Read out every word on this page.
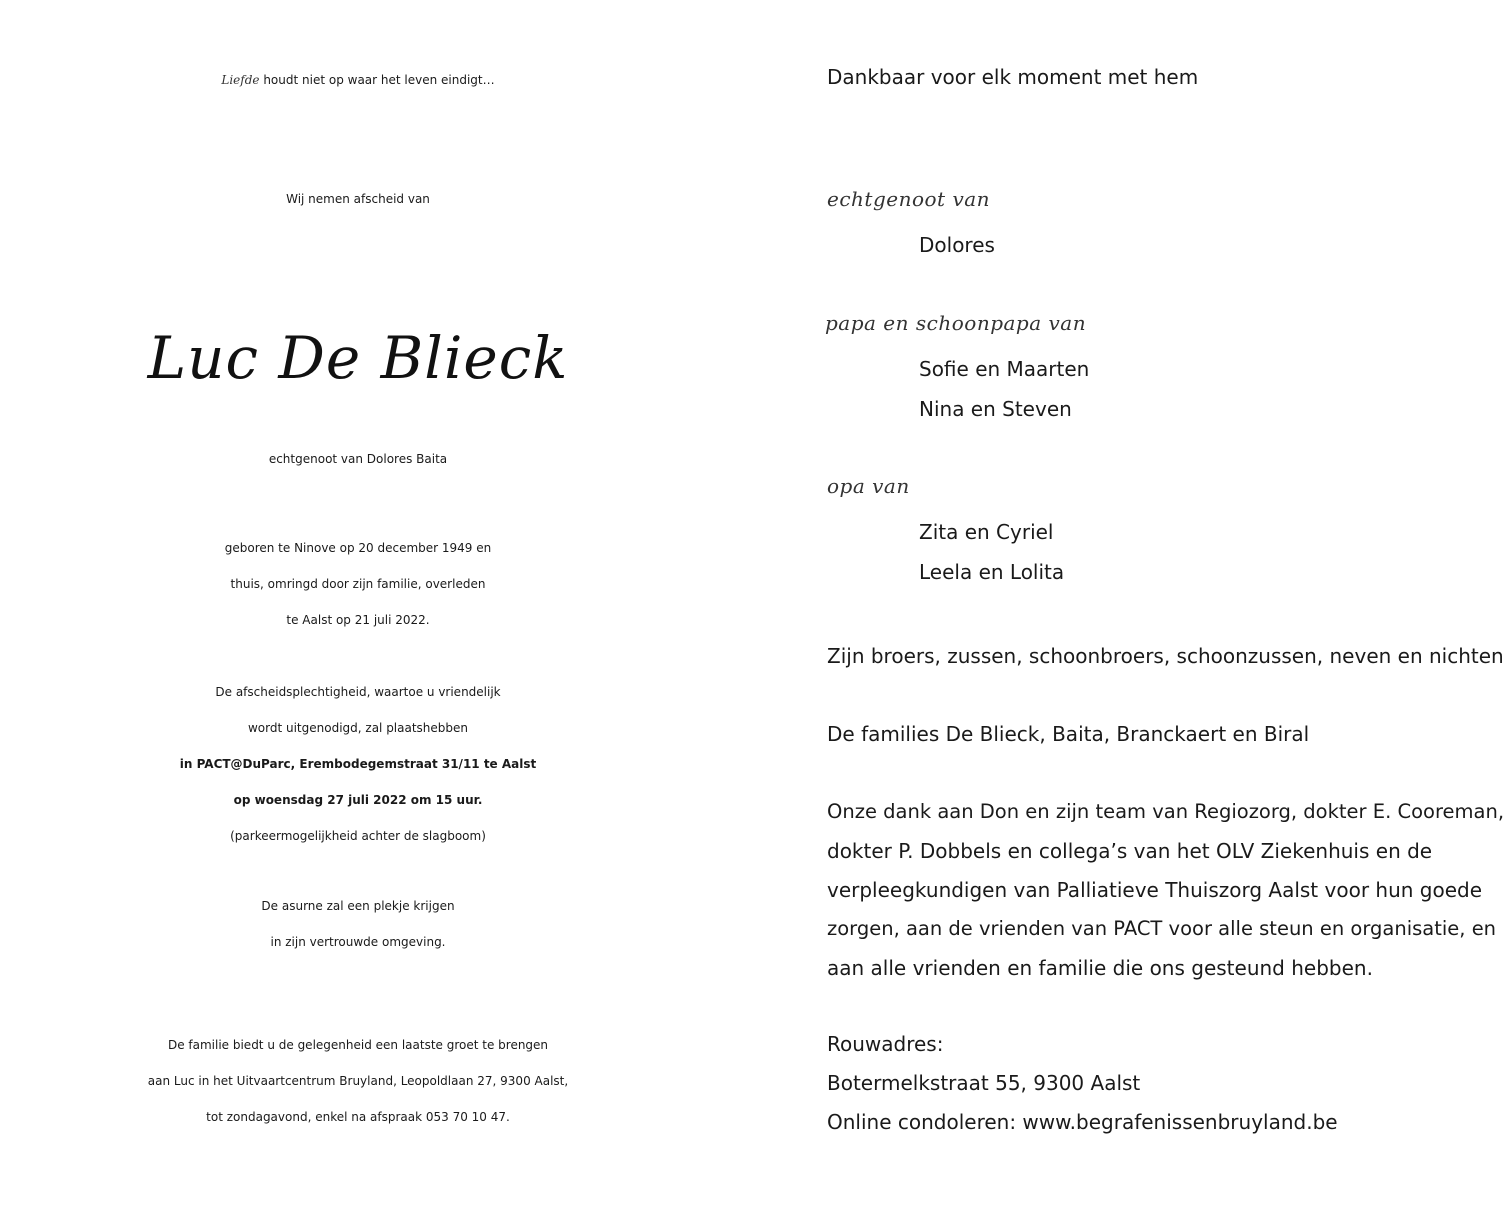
Liefde houdt niet op waar het leven eindigt…
Wij nemen afscheid van
Luc De Blieck
echtgenoot van Dolores Baita
geboren te Ninove op 20 december 1949 en
thuis, omringd door zijn familie, overleden
te Aalst op 21 juli 2022.
De afscheidsplechtigheid, waartoe u vriendelijk
wordt uitgenodigd, zal plaatshebben
in PACT@DuParc, Erembodegemstraat 31/11 te Aalst
op woensdag 27 juli 2022 om 15 uur.
(parkeermogelijkheid achter de slagboom)
De asurne zal een plekje krijgen
in zijn vertrouwde omgeving.
De familie biedt u de gelegenheid een laatste groet te brengen
aan Luc in het Uitvaartcentrum Bruyland, Leopoldlaan 27, 9300 Aalst,
tot zondagavond, enkel na afspraak 053 70 10 47.
Dankbaar voor elk moment met hem
echtgenoot van
Dolores
papa en schoonpapa van
Sofie en Maarten
Nina en Steven
opa van
Zita en Cyriel
Leela en Lolita
Zijn broers, zussen, schoonbroers, schoonzussen, neven en nichten
De families De Blieck, Baita, Branckaert en Biral
Onze dank aan Don en zijn team van Regiozorg, dokter E. Cooreman,
dokter P. Dobbels en collega’s van het OLV Ziekenhuis en de
verpleegkundigen van Palliatieve Thuiszorg Aalst voor hun goede
zorgen, aan de vrienden van PACT voor alle steun en organisatie, en
aan alle vrienden en familie die ons gesteund hebben.
Rouwadres:
Botermelkstraat 55, 9300 Aalst
Online condoleren: www.begrafenissenbruyland.be
